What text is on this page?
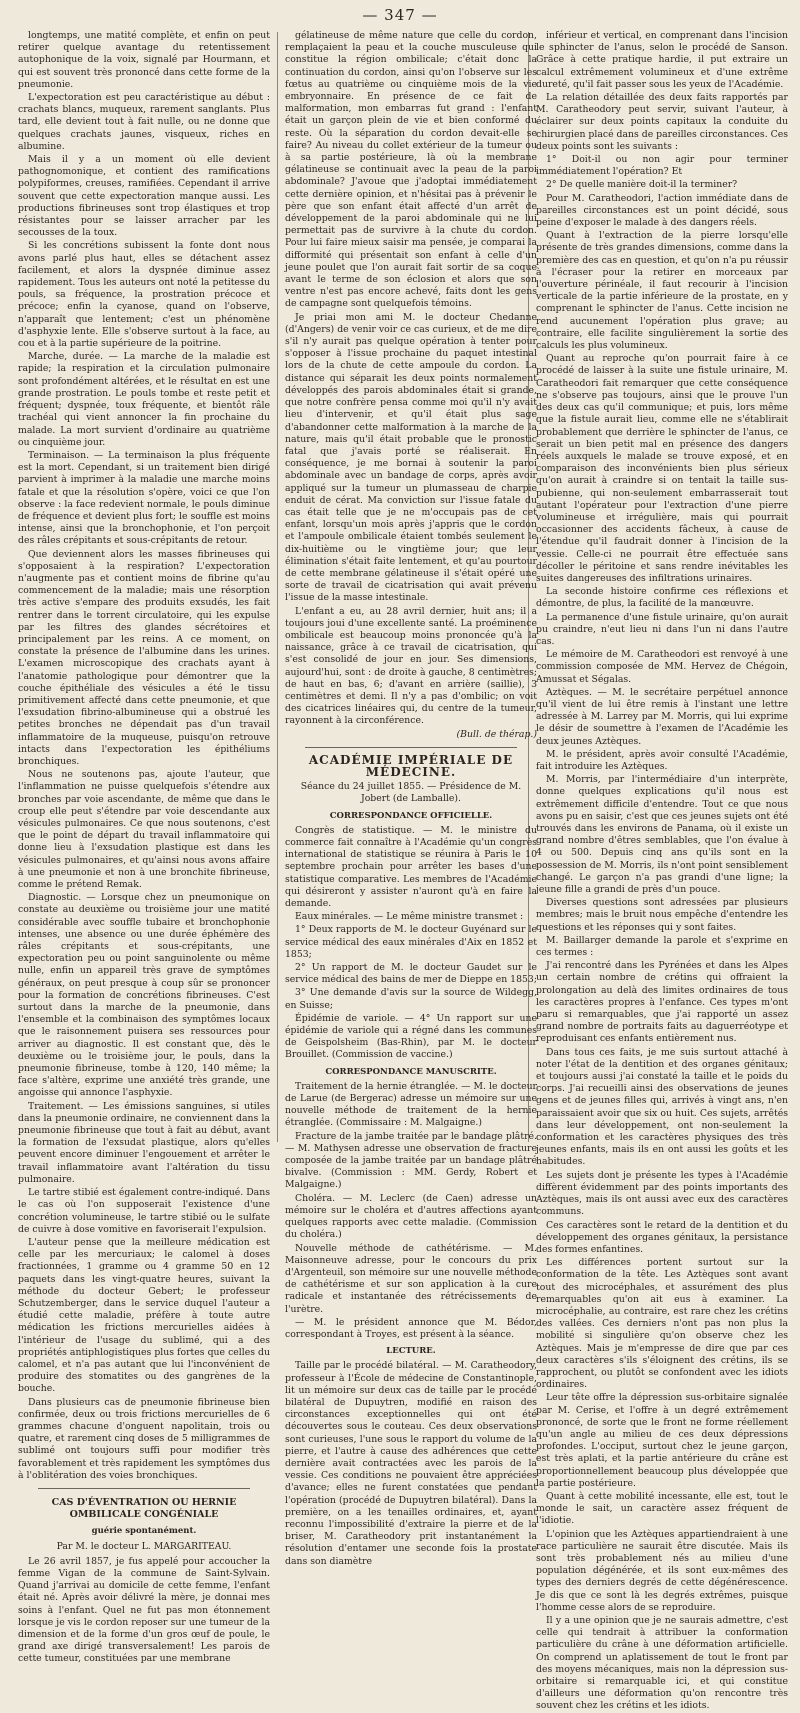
— 347 —

longtemps, une matité complète, et enfin on peut retirer quelque avantage du retentissement autophonique de la voix, signalé par Hourmann, et qui est souvent très prononcé dans cette forme de la pneumonie.

L'expectoration est peu caractéristique au début : crachats blancs, muqueux, rarement sanglants. Plus tard, elle devient tout à fait nulle, ou ne donne que quelques crachats jaunes, visqueux, riches en albumine.

Mais il y a un moment où elle devient pathognomonique, et contient des ramifications polypiformes, creuses, ramifiées. Cependant il arrive souvent que cette expectoration manque aussi. Les productions fibrineuses sont trop élastiques et trop résistantes pour se laisser arracher par les secousses de la toux.

Si les concrétions subissent la fonte dont nous avons parlé plus haut, elles se détachent assez facilement, et alors la dyspnée diminue assez rapidement. Tous les auteurs ont noté la petitesse du pouls, sa fréquence, la prostration précoce et précoce; enfin la cyanose, quand on l'observe, n'apparaît que lentement; c'est un phénomène d'asphyxie lente. Elle s'observe surtout à la face, au cou et à la partie supérieure de la poitrine.

Marche, durée. — La marche de la maladie est rapide; la respiration et la circulation pulmonaire sont profondément altérées, et le résultat en est une grande prostration. Le pouls tombe et reste petit et fréquent; dyspnée, toux fréquente, et bientôt râle trachéal qui vient annoncer la fin prochaine du malade. La mort survient d'ordinaire au quatrième ou cinquième jour.

Terminaison. — La terminaison la plus fréquente est la mort. Cependant, si un traitement bien dirigé parvient à imprimer à la maladie une marche moins fatale et que la résolution s'opère, voici ce que l'on observe : la face redevient normale, le pouls diminue de fréquence et devient plus fort; le souffle est moins intense, ainsi que la bronchophonie, et l'on perçoit des râles crépitants et sous-crépitants de retour.

Que deviennent alors les masses fibrineuses qui s'opposaient à la respiration? L'expectoration n'augmente pas et contient moins de fibrine qu'au commencement de la maladie; mais une résorption très active s'empare des produits exsudés, les fait rentrer dans le torrent circulatoire, qui les expulse par les filtres des glandes sécrétoires et principalement par les reins. A ce moment, on constate la présence de l'albumine dans les urines. L'examen microscopique des crachats ayant à l'anatomie pathologique pour démontrer que la couche épithéliale des vésicules a été le tissu primitivement affecté dans cette pneumonie, et que l'exsudation fibrino-albumineuse qui a obstrué les petites bronches ne dépendait pas d'un travail inflammatoire de la muqueuse, puisqu'on retrouve intacts dans l'expectoration les épithéliums bronchiques.

Nous ne soutenons pas, ajoute l'auteur, que l'inflammation ne puisse quelquefois s'étendre aux bronches par voie ascendante, de même que dans le croup elle peut s'étendre par voie descendante aux vésicules pulmonaires. Ce que nous soutenons, c'est que le point de départ du travail inflammatoire qui donne lieu à l'exsudation plastique est dans les vésicules pulmonaires, et qu'ainsi nous avons affaire à une pneumonie et non à une bronchite fibrineuse, comme le prétend Remak.

Diagnostic. — Lorsque chez un pneumonique on constate au deuxième ou troisième jour une matité considérable avec souffle tubaire et bronchophonie intenses, une absence ou une durée éphémère des râles crépitants et sous-crépitants, une expectoration peu ou point sanguinolente ou même nulle, enfin un appareil très grave de symptômes généraux, on peut presque à coup sûr se prononcer pour la formation de concrétions fibrineuses. C'est surtout dans la marche de la pneumonie, dans l'ensemble et la combinaison des symptômes locaux que le raisonnement puisera ses ressources pour arriver au diagnostic. Il est constant que, dès le deuxième ou le troisième jour, le pouls, dans la pneumonie fibrineuse, tombe à 120, 140 même; la face s'altère, exprime une anxiété très grande, une angoisse qui annonce l'asphyxie.

Traitement. — Les émissions sanguines, si utiles dans la pneumonie ordinaire, ne conviennent dans la pneumonie fibrineuse que tout à fait au début, avant la formation de l'exsudat plastique, alors qu'elles peuvent encore diminuer l'engouement et arrêter le travail inflammatoire avant l'altération du tissu pulmonaire.

Le tartre stibié est également contre-indiqué. Dans le cas où l'on supposerait l'existence d'une concrétion volumineuse, le tartre stibié ou le sulfate de cuivre à dose vomitive en favoriserait l'expulsion.

L'auteur pense que la meilleure médication est celle par les mercuriaux; le calomel à doses fractionnées, 1 gramme ou 4 gramme 50 en 12 paquets dans les vingt-quatre heures, suivant la méthode du docteur Gebert; le professeur Schutzemberger, dans le service duquel l'auteur a étudié cette maladie, préfère à toute autre médication les frictions mercurielles aidées à l'intérieur de l'usage du sublimé, qui a des propriétés antiphlogistiques plus fortes que celles du calomel, et n'a pas autant que lui l'inconvénient de produire des stomatites ou des gangrènes de la bouche.

Dans plusieurs cas de pneumonie fibrineuse bien confirmée, deux ou trois frictions mercurielles de 6 grammes chacune d'onguent napolitain, trois ou quatre, et rarement cinq doses de 5 milligrammes de sublimé ont toujours suffi pour modifier très favorablement et très rapidement les symptômes dus à l'oblitération des voies bronchiques.

CAS D'ÉVENTRATION OU HERNIE OMBILICALE CONGÉNIALE

guérie spontanément.

Par M. le docteur L. MARGARITEAU.

Le 26 avril 1857, je fus appelé pour accoucher la femme Vigan de la commune de Saint-Sylvain. Quand j'arrivai au domicile de cette femme, l'enfant était né. Après avoir délivré la mère, je donnai mes soins à l'enfant. Quel ne fut pas mon étonnement lorsque je vis le cordon reposer sur une tumeur de la dimension et de la forme d'un gros œuf de poule, le grand axe dirigé transversalement! Les parois de cette tumeur, constituées par une membrane

gélatineuse de même nature que celle du cordon, remplaçaient la peau et la couche musculeuse qui constitue la région ombilicale; c'était donc la continuation du cordon, ainsi qu'on l'observe sur les fœtus au quatrième ou cinquième mois de la vie embryonnaire. En présence de ce fait de malformation, mon embarras fut grand : l'enfant était un garçon plein de vie et bien conformé du reste. Où la séparation du cordon devait-elle se faire? Au niveau du collet extérieur de la tumeur ou à sa partie postérieure, là où la membrane gélatineuse se continuait avec la peau de la paroi abdominale? J'avoue que j'adoptai immédiatement cette dernière opinion, et n'hésitai pas à prévenir le père que son enfant était affecté d'un arrêt de développement de la paroi abdominale qui ne lui permettait pas de survivre à la chute du cordon. Pour lui faire mieux saisir ma pensée, je comparai la difformité qui présentait son enfant à celle d'un jeune poulet que l'on aurait fait sortir de sa coque avant le terme de son éclosion et alors que son ventre n'est pas encore achevé, faits dont les gens de campagne sont quelquefois témoins.

Je priai mon ami M. le docteur Chedanne (d'Angers) de venir voir ce cas curieux, et de me dire s'il n'y aurait pas quelque opération à tenter pour s'opposer à l'issue prochaine du paquet intestinal lors de la chute de cette ampoule du cordon. La distance qui séparait les deux points normalement développés des parois abdominales était si grande, que notre confrère pensa comme moi qu'il n'y avait lieu d'intervenir, et qu'il était plus sage d'abandonner cette malformation à la marche de la nature, mais qu'il était probable que le pronostic fatal que j'avais porté se réaliserait. En conséquence, je me bornai à soutenir la paroi abdominale avec un bandage de corps, après avoir appliqué sur la tumeur un plumasseau de charpie enduit de cérat. Ma conviction sur l'issue fatale du cas était telle que je ne m'occupais pas de cet enfant, lorsqu'un mois après j'appris que le cordon et l'ampoule ombilicale étaient tombés seulement le dix-huitième ou le vingtième jour; que leur élimination s'était faite lentement, et qu'au pourtour de cette membrane gélatineuse il s'était opéré une sorte de travail de cicatrisation qui avait prévenu l'issue de la masse intestinale.

L'enfant a eu, au 28 avril dernier, huit ans; il a toujours joui d'une excellente santé. La proéminence ombilicale est beaucoup moins prononcée qu'à la naissance, grâce à ce travail de cicatrisation, qui s'est consolidé de jour en jour. Ses dimensions, aujourd'hui, sont : de droite à gauche, 8 centimètres; de haut en bas, 6; d'avant en arrière (saillie), 3 centimètres et demi. Il n'y a pas d'ombilic; on voit des cicatrices linéaires qui, du centre de la tumeur, rayonnent à la circonférence.

(Bull. de thérap.)

ACADÉMIE IMPÉRIALE DE MÉDECINE.

Séance du 24 juillet 1855. — Présidence de M. Jobert (de Lamballe).

CORRESPONDANCE OFFICIELLE.

Congrès de statistique. — M. le ministre du commerce fait connaître à l'Académie qu'un congrès international de statistique se réunira à Paris le 10 septembre prochain pour arrêter les bases d'une statistique comparative. Les membres de l'Académie qui désireront y assister n'auront qu'à en faire la demande.

Eaux minérales. — Le même ministre transmet :

1° Deux rapports de M. le docteur Guyénard sur le service médical des eaux minérales d'Aix en 1852 et 1853;

2° Un rapport de M. le docteur Gaudet sur le service médical des bains de mer de Dieppe en 1853;

3° Une demande d'avis sur la source de Wildegg, en Suisse;

Épidémie de variole. — 4° Un rapport sur une épidémie de variole qui a régné dans les communes de Geispolsheim (Bas-Rhin), par M. le docteur Brouillet. (Commission de vaccine.)

CORRESPONDANCE MANUSCRITE.

Traitement de la hernie étranglée. — M. le docteur de Larue (de Bergerac) adresse un mémoire sur une nouvelle méthode de traitement de la hernie étranglée. (Commissaire : M. Malgaigne.)

Fracture de la jambe traitée par le bandage plâtré. — M. Mathysen adresse une observation de fracture composée de la jambe traitée par un bandage plâtré bivalve. (Commission : MM. Gerdy, Robert et Malgaigne.)

Choléra. — M. Leclerc (de Caen) adresse un mémoire sur le choléra et d'autres affections ayant quelques rapports avec cette maladie. (Commission du choléra.)

Nouvelle méthode de cathétérisme. — M. Maisonneuve adresse, pour le concours du prix d'Argenteuil, son mémoire sur une nouvelle méthode de cathétérisme et sur son application à la cure radicale et instantanée des rétrécissements de l'urètre.

— M. le président annonce que M. Bédor, correspondant à Troyes, est présent à la séance.

LECTURE.

Taille par le procédé bilatéral. — M. Caratheodory, professeur à l'École de médecine de Constantinople, lit un mémoire sur deux cas de taille par le procédé bilatéral de Dupuytren, modifié en raison des circonstances exceptionnelles qui ont été découvertes sous le couteau. Ces deux observations sont curieuses, l'une sous le rapport du volume de la pierre, et l'autre à cause des adhérences que cette dernière avait contractées avec les parois de la vessie. Ces conditions ne pouvaient être appréciées d'avance; elles ne furent constatées que pendant l'opération (procédé de Dupuytren bilatéral). Dans la première, on a les tenailles ordinaires, et, ayant reconnu l'impossibilité d'extraire la pierre et de la briser, M. Caratheodory prit instantanément la résolution d'entamer une seconde fois la prostate dans son diamètre

inférieur et vertical, en comprenant dans l'incision le sphincter de l'anus, selon le procédé de Sanson. Grâce à cette pratique hardie, il put extraire un calcul extrêmement volumineux et d'une extrême dureté, qu'il fait passer sous les yeux de l'Académie.

La relation détaillée des deux faits rapportés par M. Caratheodory peut servir, suivant l'auteur, à éclairer sur deux points capitaux la conduite du chirurgien placé dans de pareilles circonstances. Ces deux points sont les suivants :

1° Doit-il ou non agir pour terminer immédiatement l'opération? Et

2° De quelle manière doit-il la terminer?

Pour M. Caratheodori, l'action immédiate dans de pareilles circonstances est un point décidé, sous peine d'exposer le malade à des dangers réels.

Quant à l'extraction de la pierre lorsqu'elle présente de très grandes dimensions, comme dans la première des cas en question, et qu'on n'a pu réussir à l'écraser pour la retirer en morceaux par l'ouverture périnéale, il faut recourir à l'incision verticale de la partie inférieure de la prostate, en y comprenant le sphincter de l'anus. Cette incision ne rend aucunement l'opération plus grave; au contraire, elle facilite singulièrement la sortie des calculs les plus volumineux.

Quant au reproche qu'on pourrait faire à ce procédé de laisser à la suite une fistule urinaire, M. Caratheodori fait remarquer que cette conséquence ne s'observe pas toujours, ainsi que le prouve l'un des deux cas qu'il communique; et puis, lors même que la fistule aurait lieu, comme elle ne s'établirait probablement que derrière le sphincter de l'anus, ce serait un bien petit mal en présence des dangers réels auxquels le malade se trouve exposé, et en comparaison des inconvénients bien plus sérieux qu'on aurait à craindre si on tentait la taille sus-pubienne, qui non-seulement embarrasserait tout autant l'opérateur pour l'extraction d'une pierre volumineuse et irrégulière, mais qui pourrait occasionner des accidents fâcheux, à cause de l'étendue qu'il faudrait donner à l'incision de la vessie. Celle-ci ne pourrait être effectuée sans décoller le péritoine et sans rendre inévitables les suites dangereuses des infiltrations urinaires.

La seconde histoire confirme ces réflexions et démontre, de plus, la facilité de la manœuvre.

La permanence d'une fistule urinaire, qu'on aurait pu craindre, n'eut lieu ni dans l'un ni dans l'autre cas.

Le mémoire de M. Caratheodori est renvoyé à une commission composée de MM. Hervez de Chégoin, Amussat et Ségalas.

Aztèques. — M. le secrétaire perpétuel annonce qu'il vient de lui être remis à l'instant une lettre adressée à M. Larrey par M. Morris, qui lui exprime le désir de soumettre à l'examen de l'Académie les deux jeunes Aztèques.

M. le président, après avoir consulté l'Académie, fait introduire les Aztèques.

M. Morris, par l'intermédiaire d'un interprète, donne quelques explications qu'il nous est extrêmement difficile d'entendre. Tout ce que nous avons pu en saisir, c'est que ces jeunes sujets ont été trouvés dans les environs de Panama, où il existe un grand nombre d'êtres semblables, que l'on évalue à 4 ou 500. Depuis cinq ans qu'ils sont en la possession de M. Morris, ils n'ont point sensiblement changé. Le garçon n'a pas grandi d'une ligne; la jeune fille a grandi de près d'un pouce.

Diverses questions sont adressées par plusieurs membres; mais le bruit nous empêche d'entendre les questions et les réponses qui y sont faites.

M. Baillarger demande la parole et s'exprime en ces termes :

J'ai rencontré dans les Pyrénées et dans les Alpes un certain nombre de crétins qui offraient la prolongation au delà des limites ordinaires de tous les caractères propres à l'enfance. Ces types m'ont paru si remarquables, que j'ai rapporté un assez grand nombre de portraits faits au daguerréotype et reproduisant ces enfants entièrement nus.

Dans tous ces faits, je me suis surtout attaché à noter l'état de la dentition et des organes génitaux; et toujours aussi j'ai constaté la taille et le poids du corps. J'ai recueilli ainsi des observations de jeunes gens et de jeunes filles qui, arrivés à vingt ans, n'en paraissaient avoir que six ou huit. Ces sujets, arrêtés dans leur développement, ont non-seulement la conformation et les caractères physiques des très jeunes enfants, mais ils en ont aussi les goûts et les habitudes.

Les sujets dont je présente les types à l'Académie diffèrent évidemment par des points importants des Aztèques, mais ils ont aussi avec eux des caractères communs.

Ces caractères sont le retard de la dentition et du développement des organes génitaux, la persistance des formes enfantines.

Les différences portent surtout sur la conformation de la tête. Les Aztèques sont avant tout des microcéphales, et assurément des plus remarquables qu'on ait eus à examiner. La microcéphalie, au contraire, est rare chez les crétins des vallées. Ces derniers n'ont pas non plus la mobilité si singulière qu'on observe chez les Aztèques. Mais je m'empresse de dire que par ces deux caractères s'ils s'éloignent des crétins, ils se rapprochent, ou plutôt se confondent avec les idiots ordinaires.

Leur tête offre la dépression sus-orbitaire signalée par M. Cerise, et l'offre à un degré extrêmement prononcé, de sorte que le front ne forme réellement qu'un angle au milieu de ces deux dépressions profondes. L'occiput, surtout chez le jeune garçon, est très aplati, et la partie antérieure du crâne est proportionnellement beaucoup plus développée que la partie postérieure.

Quant à cette mobilité incessante, elle est, tout le monde le sait, un caractère assez fréquent de l'idiotie.

L'opinion que les Aztèques appartiendraient à une race particulière ne saurait être discutée. Mais ils sont très probablement nés au milieu d'une population dégénérée, et ils sont eux-mêmes des types des derniers degrés de cette dégénérescence. Je dis que ce sont là les degrés extrêmes, puisque l'homme cesse alors de se reproduire.

Il y a une opinion que je ne saurais admettre, c'est celle qui tendrait à attribuer la conformation particulière du crâne à une déformation artificielle. On comprend un aplatissement de tout le front par des moyens mécaniques, mais non la dépression sus-orbitaire si remarquable ici, et qui constitue d'ailleurs une déformation qu'on rencontre très souvent chez les crétins et les idiots.
